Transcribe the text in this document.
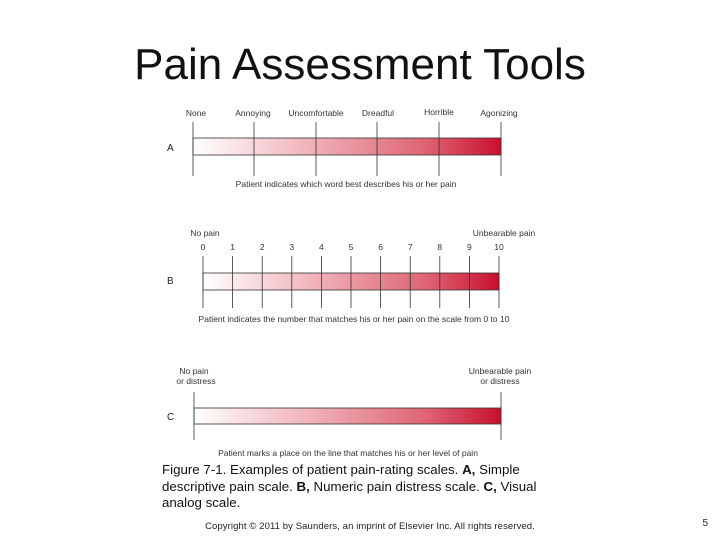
Pain Assessment Tools
A
None	Annoying Uncomfortable Dreadful	Horrible	Agonizing
Patient indicates which word best describes his or her pain
B
No pain	Unbearable pain
0	1	2	3	4	5	6	7	8	9	10
Patient indicates the number that matches his or her pain on the scale from 0 to 10
C
No pain
or distress
Unbearable pain
or distress
Patient marks a place on the line that matches his or her level of pain
Figure 7-1. Examples of patient pain-rating scales. A, Simple descriptive pain scale. B, Numeric pain distress scale. C, Visual analog scale.
Copyright © 2011 by Saunders, an imprint of Elsevier Inc. All rights reserved.	5
